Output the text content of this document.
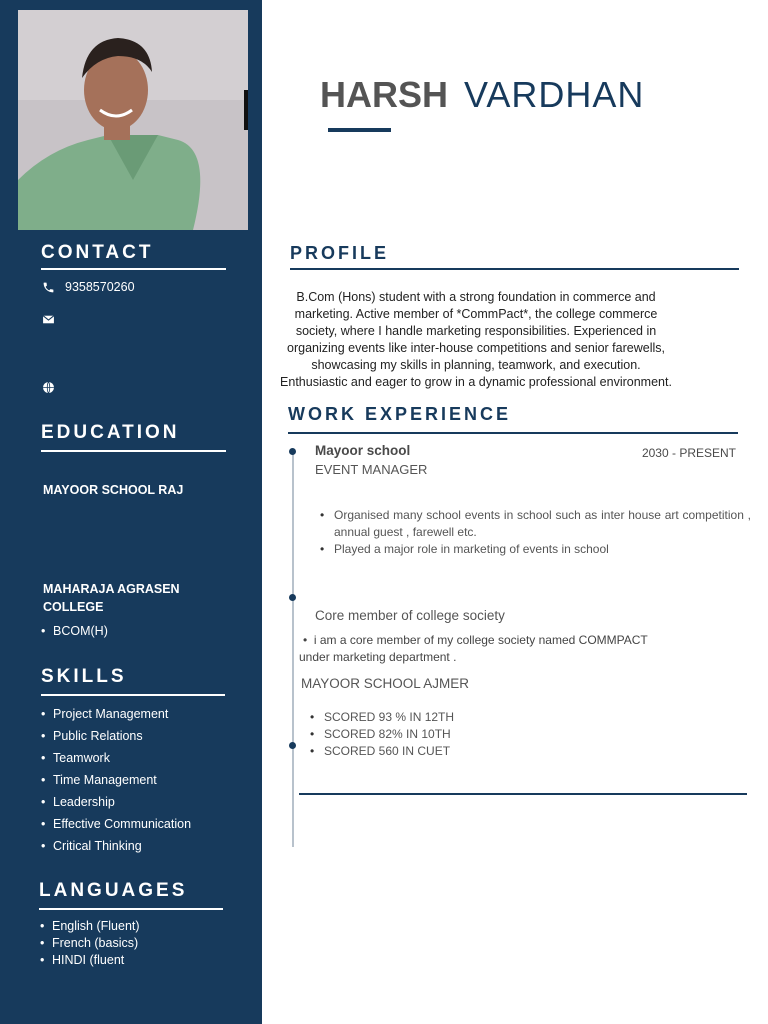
CONTACT
9358570260
EDUCATION
MAYOOR SCHOOL RAJ
MAHARAJA AGRASEN COLLEGE
• BCOM(H)
SKILLS
• Project Management
• Public Relations
• Teamwork
• Time Management
• Leadership
• Effective Communication
• Critical Thinking
LANGUAGES
• English (Fluent)
• French (basics)
• HINDI (fluent
HARSH VARDHAN
PROFILE
B.Com (Hons) student with a strong foundation in commerce and marketing. Active member of *CommPact*, the college commerce society, where I handle marketing responsibilities. Experienced in organizing events like inter-house competitions and senior farewells, showcasing my skills in planning, teamwork, and execution. Enthusiastic and eager to grow in a dynamic professional environment.
WORK EXPERIENCE
Mayoor school	2030 - PRESENT
EVENT MANAGER
• Organised many school events in school such as inter house art competition , annual guest , farewell etc.
• Played a major role in marketing of events in school
Core member of college society
•  i am a core member of my college society named COMMPACT
under marketing department .
MAYOOR SCHOOL AJMER
• SCORED 93 % IN 12TH
• SCORED 82% IN 10TH
• SCORED 560 IN CUET
